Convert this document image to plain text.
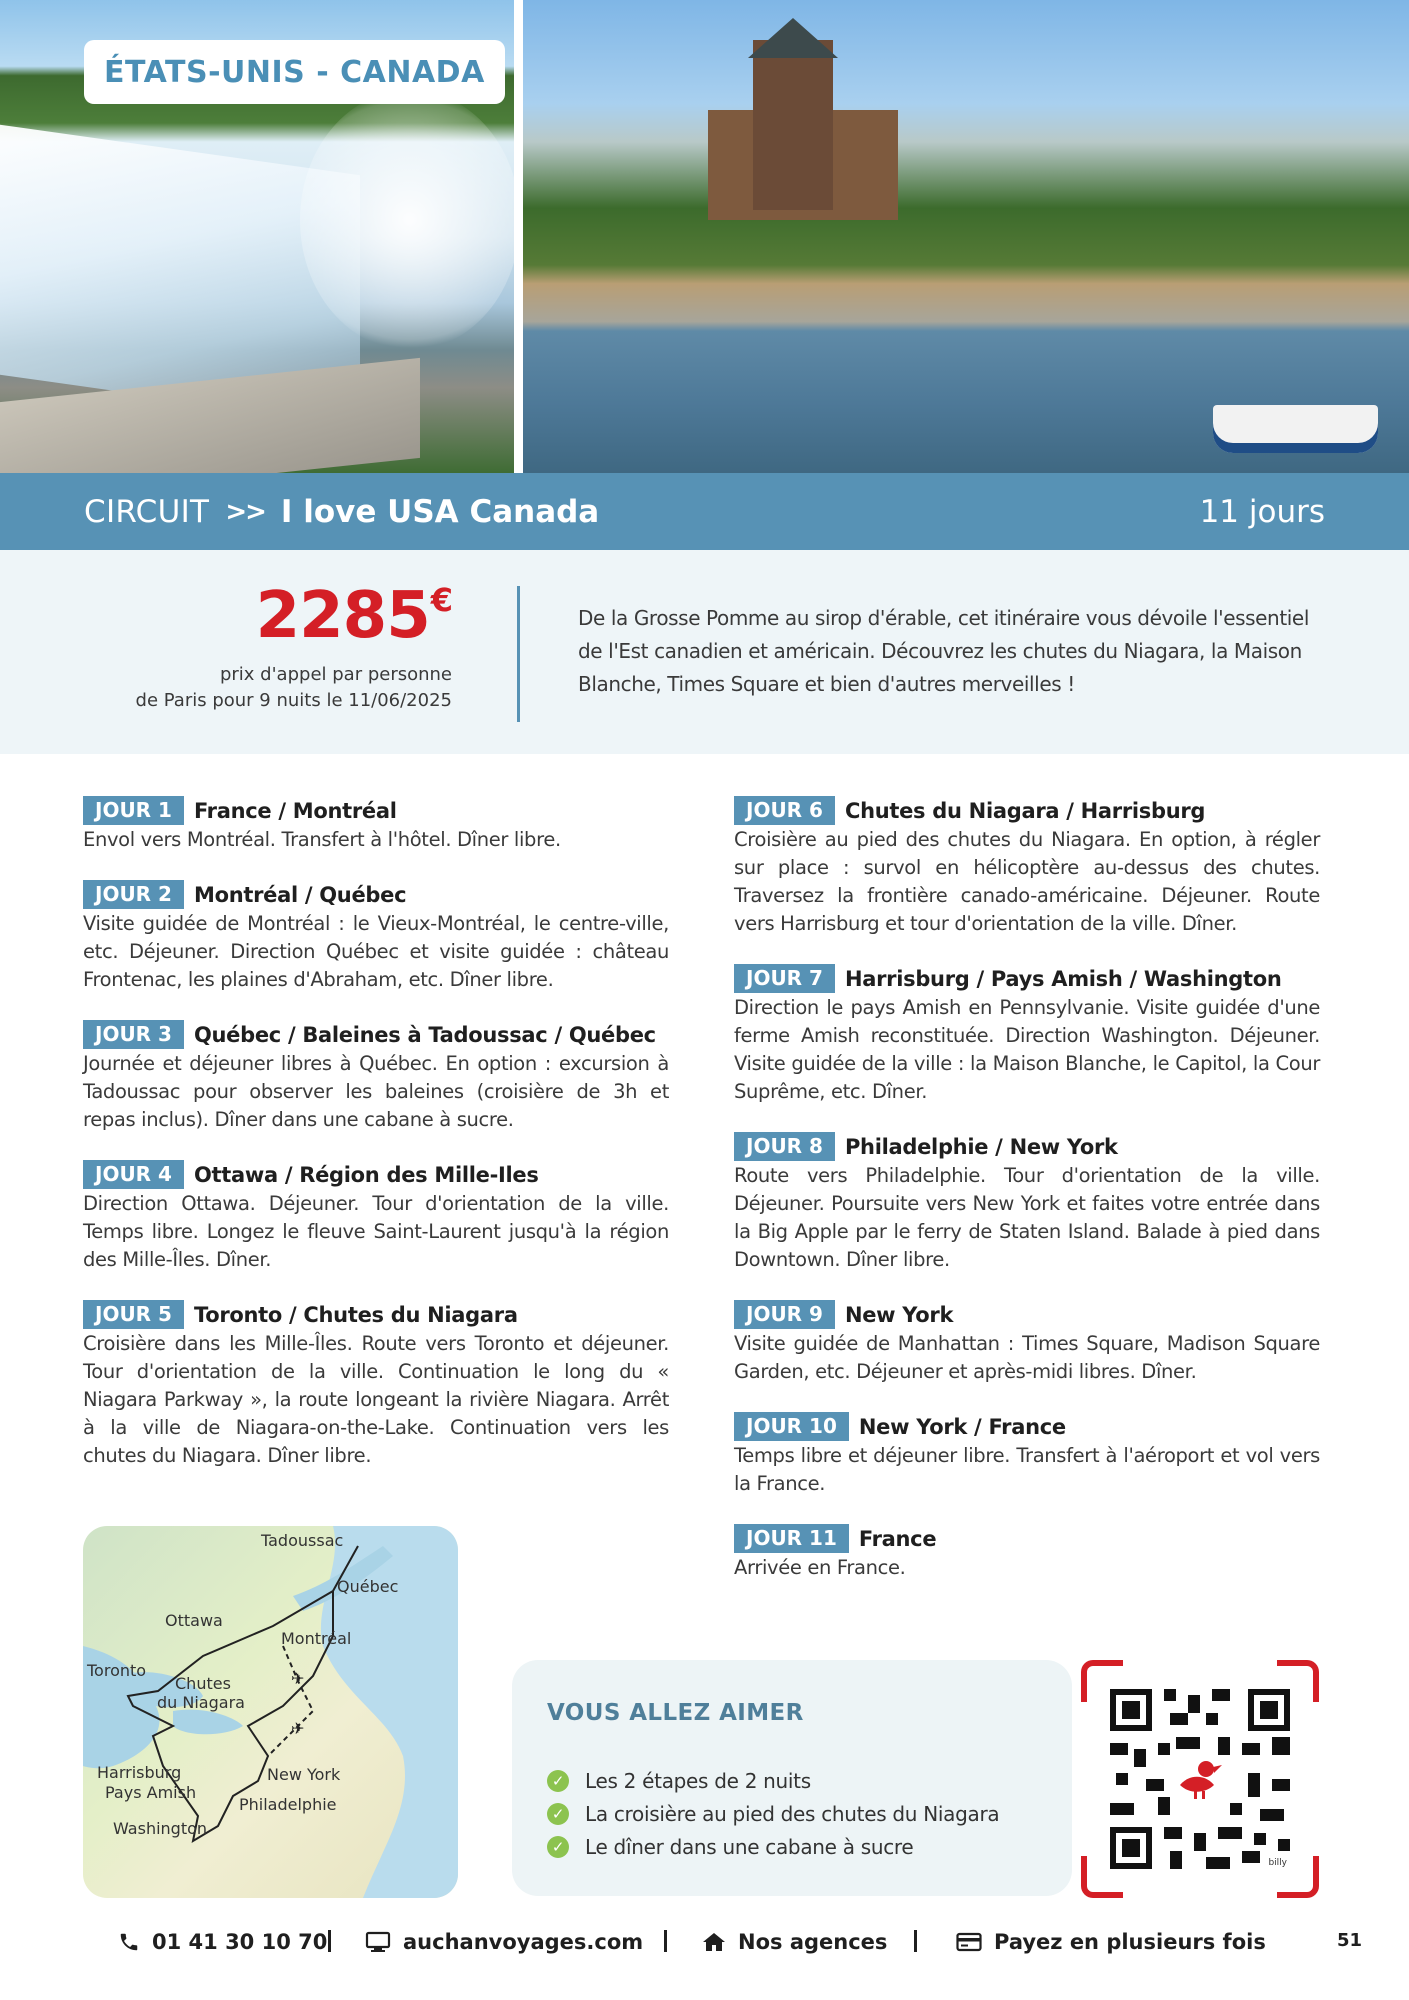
ÉTATS-UNIS - CANADA
CIRCUIT >> I love USA Canada	11 jours
2285€
prix d'appel par personne
de Paris pour 9 nuits le 11/06/2025
De la Grosse Pomme au sirop d'érable, cet itinéraire vous dévoile l'essentiel de l'Est canadien et américain. Découvrez les chutes du Niagara, la Maison Blanche, Times Square et bien d'autres merveilles !
JOUR 1	France / Montréal
Envol vers Montréal. Transfert à l'hôtel. Dîner libre.
JOUR 2	Montréal / Québec
Visite guidée de Montréal : le Vieux-Montréal, le centre-ville, etc. Déjeuner. Direction Québec et visite guidée : château Frontenac, les plaines d'Abraham, etc. Dîner libre.
JOUR 3	Québec / Baleines à Tadoussac / Québec
Journée et déjeuner libres à Québec. En option : excursion à Tadoussac pour observer les baleines (croisière de 3h et repas inclus). Dîner dans une cabane à sucre.
JOUR 4	Ottawa / Région des Mille-Iles
Direction Ottawa. Déjeuner. Tour d'orientation de la ville. Temps libre. Longez le fleuve Saint-Laurent jusqu'à la région des Mille-Îles. Dîner.
JOUR 5	Toronto / Chutes du Niagara
Croisière dans les Mille-Îles. Route vers Toronto et déjeuner. Tour d'orientation de la ville. Continuation le long du « Niagara Parkway », la route longeant la rivière Niagara. Arrêt à la ville de Niagara-on-the-Lake. Continuation vers les chutes du Niagara. Dîner libre.
JOUR 6	Chutes du Niagara / Harrisburg
Croisière au pied des chutes du Niagara. En option, à régler sur place : survol en hélicoptère au-dessus des chutes. Traversez la frontière canado-américaine. Déjeuner. Route vers Harrisburg et tour d'orientation de la ville. Dîner.
JOUR 7	Harrisburg / Pays Amish / Washington
Direction le pays Amish en Pennsylvanie. Visite guidée d'une ferme Amish reconstituée. Direction Washington. Déjeuner. Visite guidée de la ville : la Maison Blanche, le Capitol, la Cour Suprême, etc. Dîner.
JOUR 8	Philadelphie / New York
Route vers Philadelphie. Tour d'orientation de la ville. Déjeuner. Poursuite vers New York et faites votre entrée dans la Big Apple par le ferry de Staten Island. Balade à pied dans Downtown. Dîner libre.
JOUR 9	New York
Visite guidée de Manhattan : Times Square, Madison Square Garden, etc. Déjeuner et après-midi libres. Dîner.
JOUR 10	New York / France
Temps libre et déjeuner libre. Transfert à l'aéroport et vol vers la France.
JOUR 11	France
Arrivée en France.
✈
✈
Tadoussac
Québec
Ottawa
Montréal
Toronto
Chutes
du Niagara
Harrisburg
Pays Amish
New York
Philadelphie
Washington
VOUS ALLEZ AIMER
✓ Les 2 étapes de 2 nuits
✓ La croisière au pied des chutes du Niagara
✓ Le dîner dans une cabane à sucre
billy
01 41 30 10 70	auchanvoyages.com	Nos agences	Payez en plusieurs fois	51
